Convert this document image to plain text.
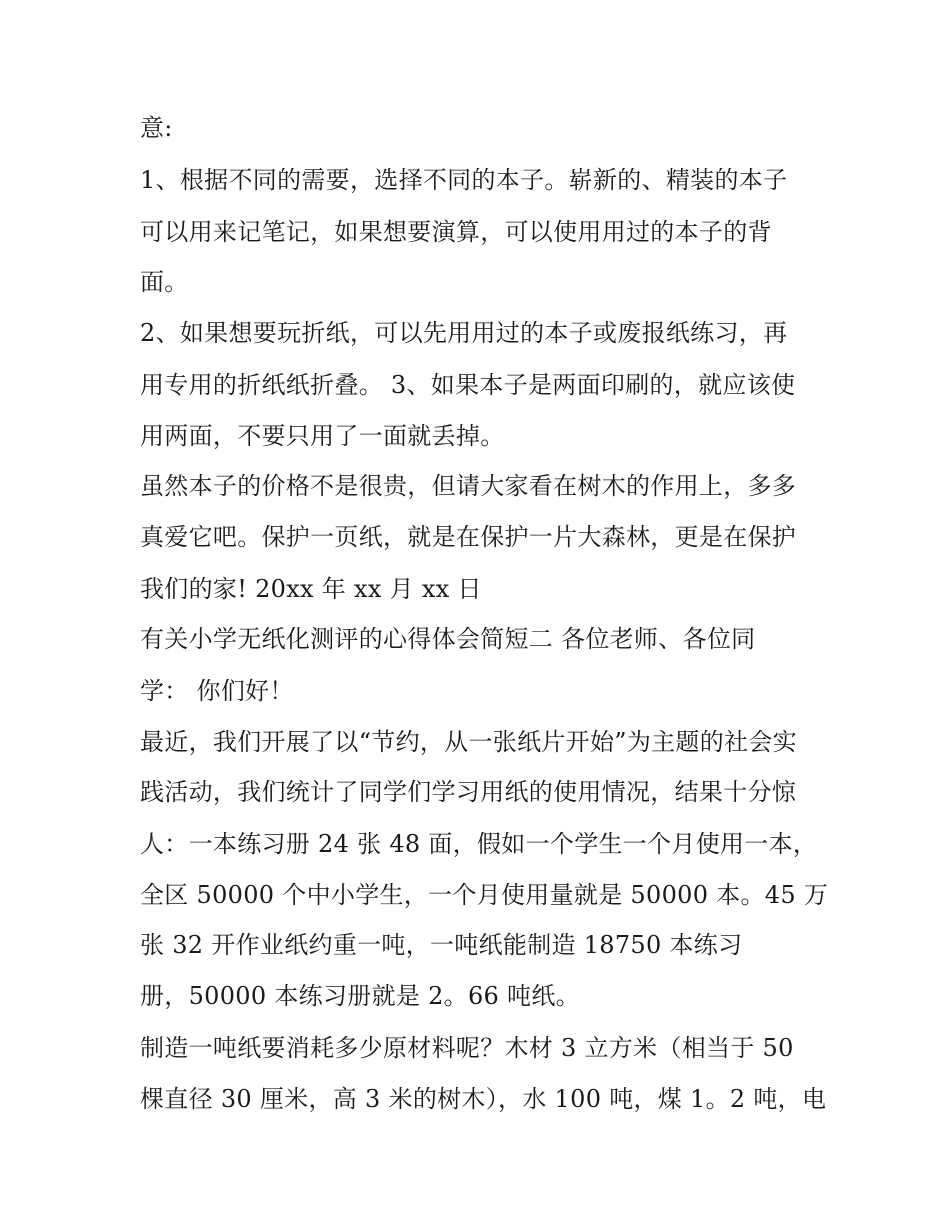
意:
1、根据不同的需要，选择不同的本子。崭新的、精装的本子
可以用来记笔记，如果想要演算，可以使用用过的本子的背
面。
2、如果想要玩折纸，可以先用用过的本子或废报纸练习，再
用专用的折纸纸折叠。 3、如果本子是两面印刷的，就应该使
用两面，不要只用了一面就丢掉。
虽然本子的价格不是很贵，但请大家看在树木的作用上，多多
真爱它吧。保护一页纸，就是在保护一片大森林，更是在保护
我们的家! 20xx 年 xx 月 xx 日
有关小学无纸化测评的心得体会简短二 各位老师、各位同
学： 你们好！
最近，我们开展了以“节约，从一张纸片开始”为主题的社会实
践活动，我们统计了同学们学习用纸的使用情况，结果十分惊
人：一本练习册 24 张 48 面，假如一个学生一个月使用一本，
全区 50000 个中小学生，一个月使用量就是 50000 本。45 万
张 32 开作业纸约重一吨，一吨纸能制造 18750 本练习
册，50000 本练习册就是 2。66 吨纸。
制造一吨纸要消耗多少原材料呢？木材 3 立方米（相当于 50
棵直径 30 厘米，高 3 米的树木），水 100 吨，煤 1。2 吨，电
